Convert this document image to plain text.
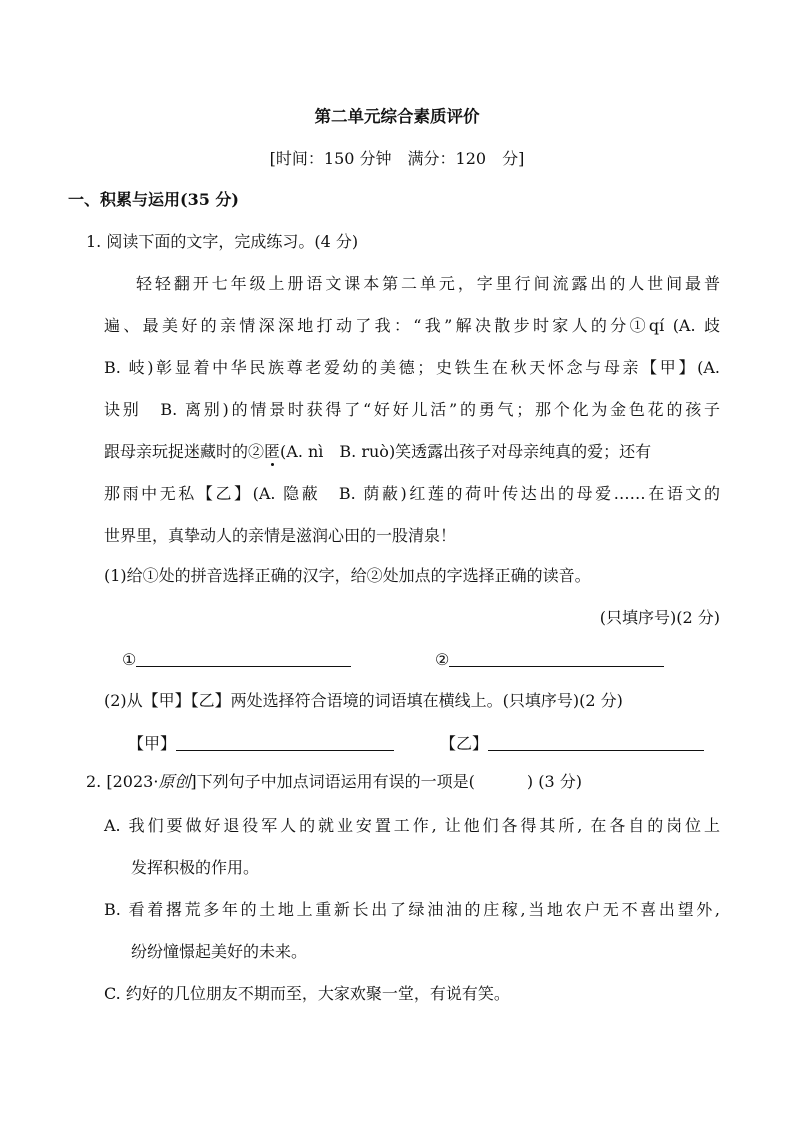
第二单元综合素质评价
[时间：150 分钟　满分：120　分]
一、积累与运用(35 分)
1. 阅读下面的文字，完成练习。(4 分)
轻轻翻开七年级上册语文课本第二单元，字里行间流露出的人世间最普
遍、最美好的亲情深深地打动了我：“我”解决散步时家人的分①qí (A. 歧
B. 岐)彰显着中华民族尊老爱幼的美德；史铁生在秋天怀念与母亲【甲】(A.
诀别　B. 离别)的情景时获得了“好好儿活”的勇气；那个化为金色花的孩子
跟母亲玩捉迷藏时的②匿(A. nì　B. ruò)笑透露出孩子对母亲纯真的爱；还有
那雨中无私【乙】(A. 隐蔽　B. 荫蔽)红莲的荷叶传达出的母爱……在语文的
世界里，真挚动人的亲情是滋润心田的一股清泉！
(1)给①处的拼音选择正确的汉字，给②处加点的字选择正确的读音。
(只填序号)(2 分)
①	②
(2)从【甲】【乙】两处选择符合语境的词语填在横线上。(只填序号)(2 分)
【甲】	【乙】
2. [2023·原创]下列句子中加点词语运用有误的一项是(	) (3 分)
A. 我们要做好退役军人的就业安置工作, 让他们各得其所, 在各自的岗位上
发挥积极的作用。
B. 看着撂荒多年的土地上重新长出了绿油油的庄稼,当地农户无不喜出望外,
纷纷憧憬起美好的未来。
C. 约好的几位朋友不期而至，大家欢聚一堂，有说有笑。
